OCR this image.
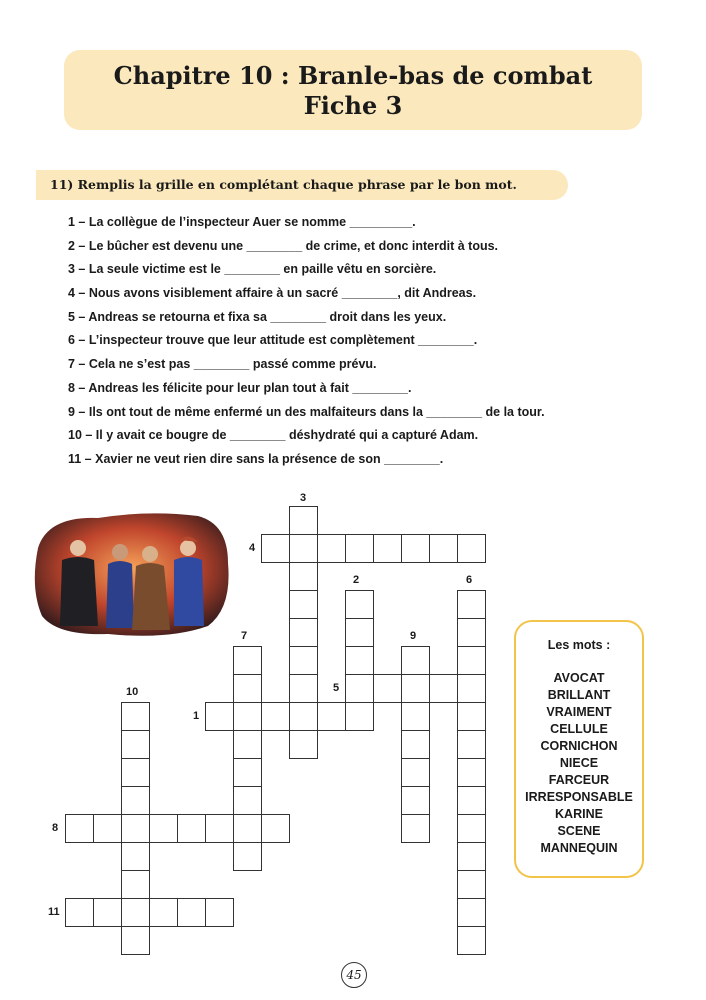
Chapitre 10 : Branle-bas de combat
Fiche 3
11) Remplis la grille en complétant chaque phrase par le bon mot.
1 – La collègue de l’inspecteur Auer se nomme _________.
2 – Le bûcher est devenu une ________ de crime, et donc interdit à tous.
3 – La seule victime est le ________ en paille vêtu en sorcière.
4 – Nous avons visiblement affaire à un sacré ________, dit Andreas.
5 – Andreas se retourna et fixa sa ________ droit dans les yeux.
6 – L’inspecteur trouve que leur attitude est complètement ________.
7 – Cela ne s’est pas ________ passé comme prévu.
8 – Andreas les félicite pour leur plan tout à fait ________.
9 – Ils ont tout de même enfermé un des malfaiteurs dans la ________ de la tour.
10 – Il y avait ce bougre de ________ déshydraté qui a capturé Adam.
11 – Xavier ne veut rien dire sans la présence de son ________.
1
2
3
4
5
6
7
8
9
10
11
Les mots :
AVOCAT
BRILLANT
VRAIMENT
CELLULE
CORNICHON
NIECE
FARCEUR
IRRESPONSABLE
KARINE
SCENE
MANNEQUIN
45
